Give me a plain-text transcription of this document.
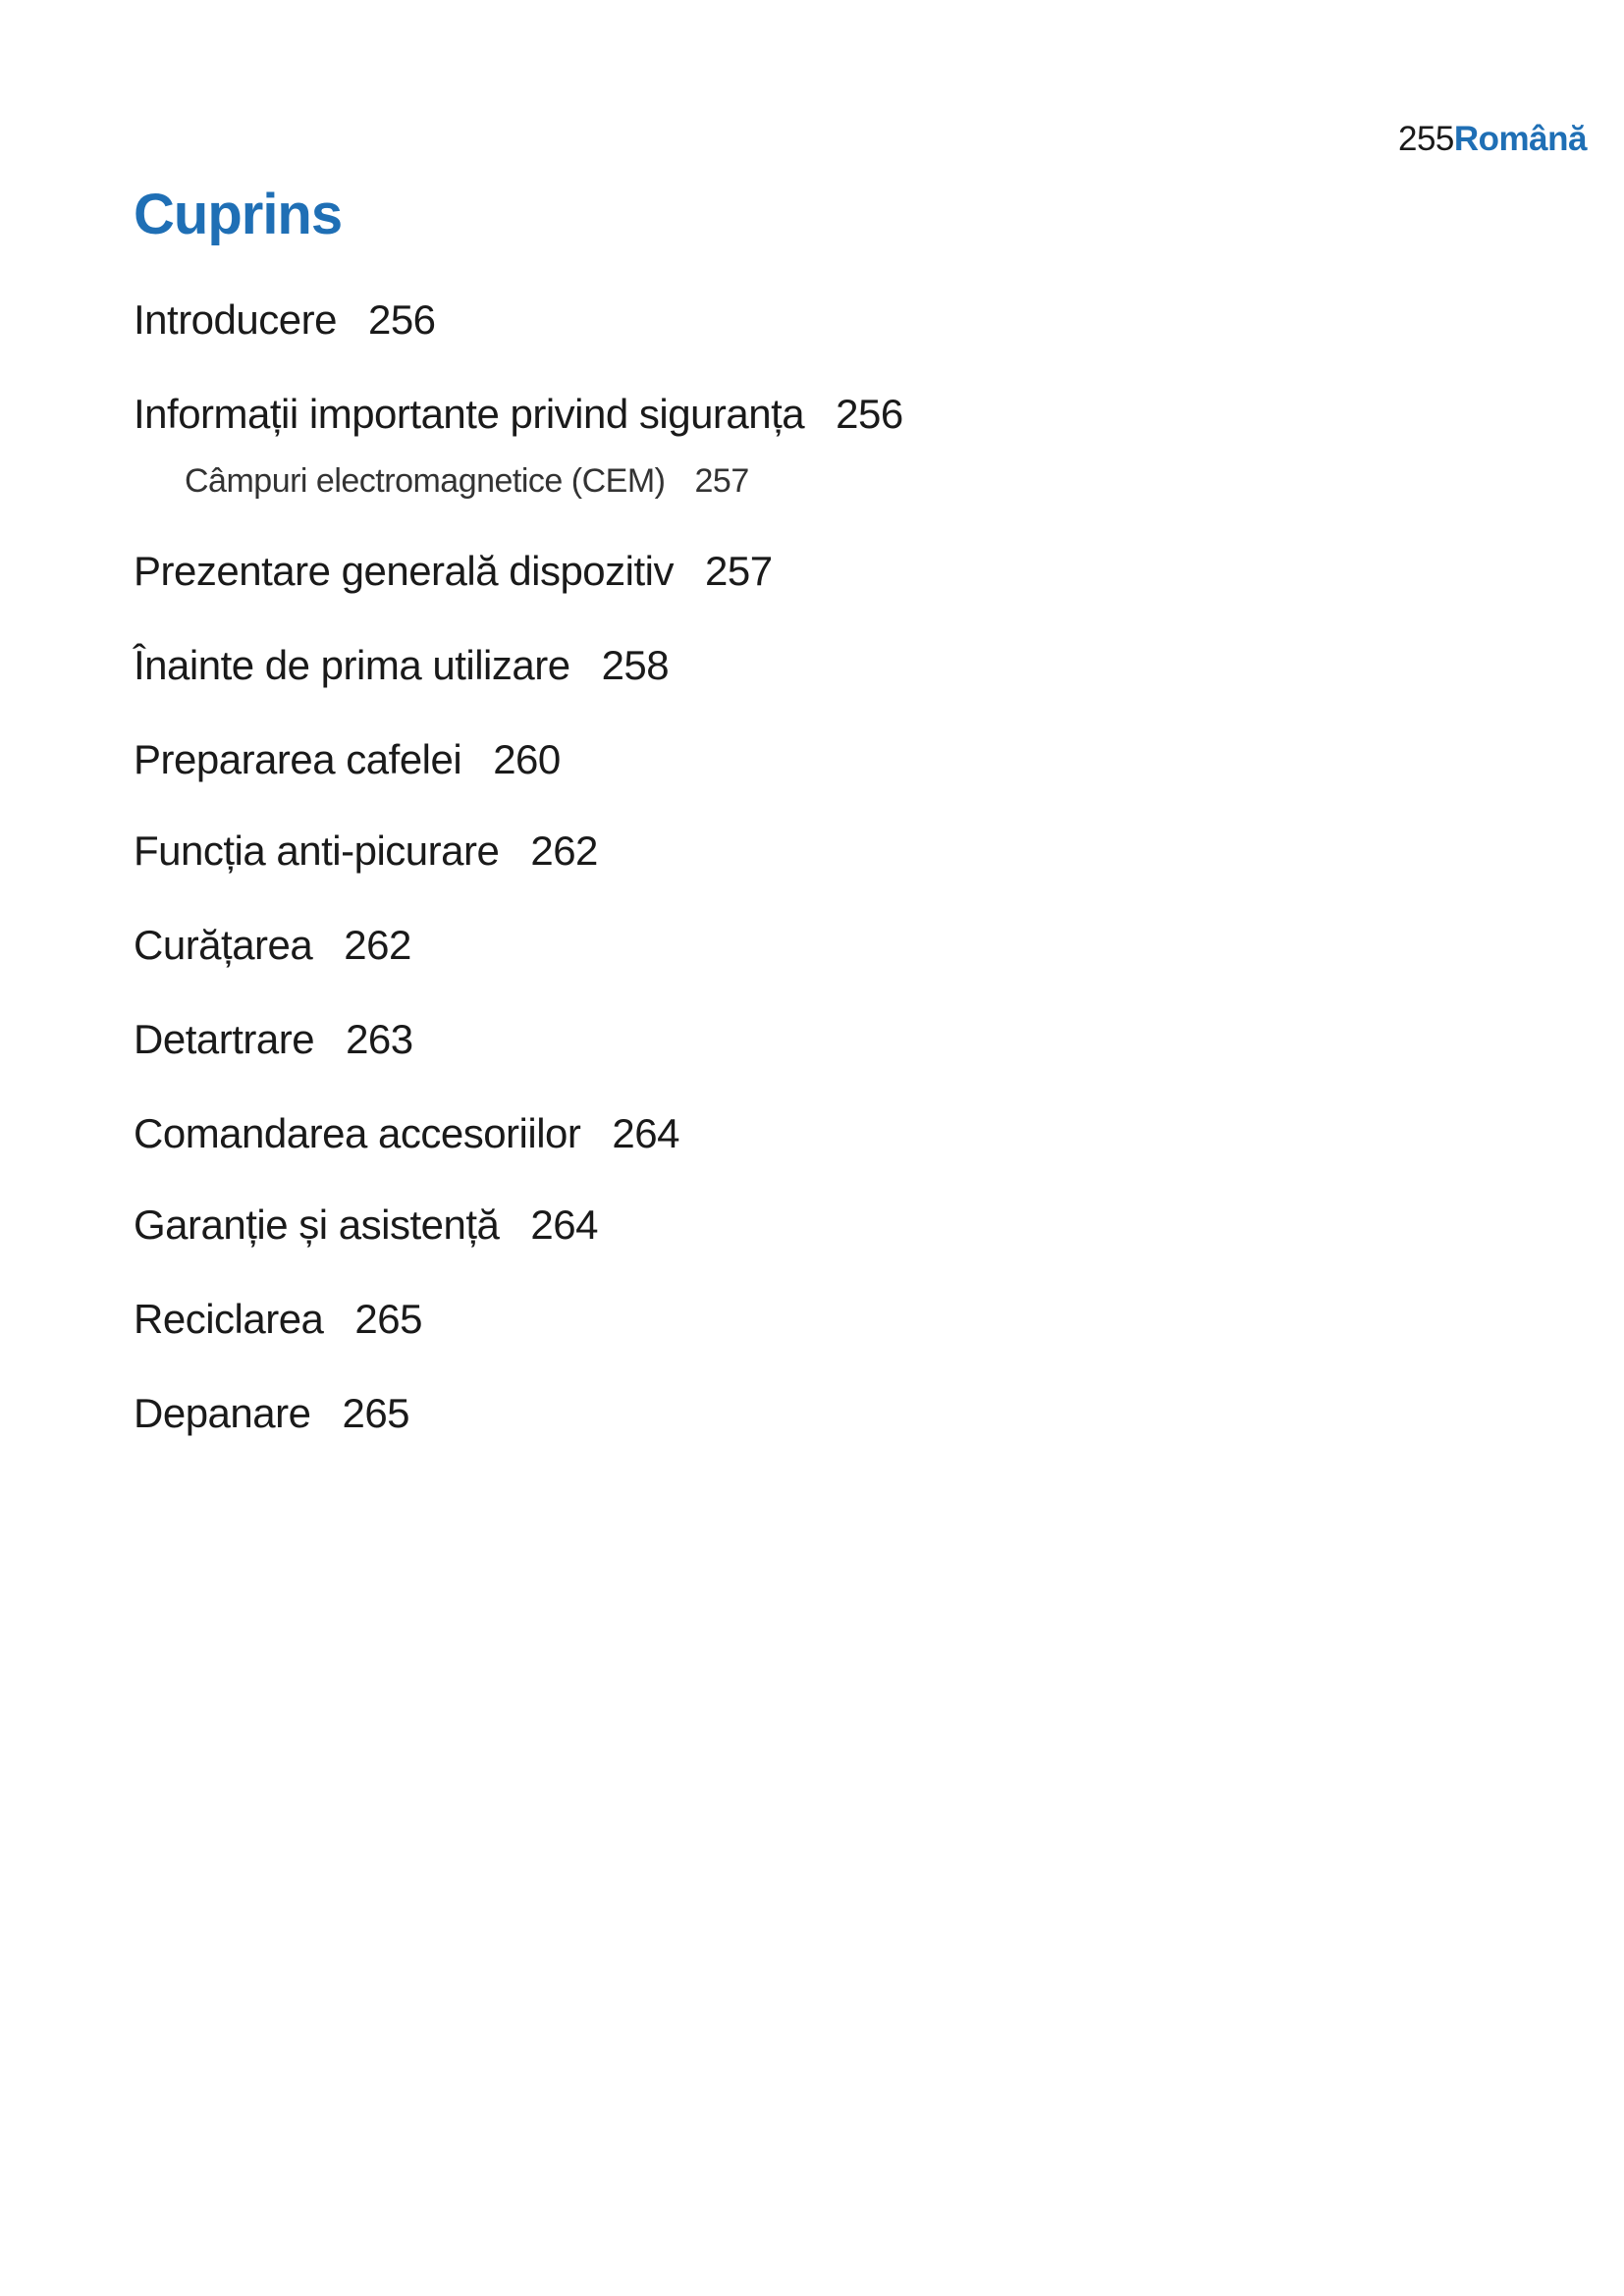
255Română
Cuprins
Introducere 256
Informații importante privind siguranța 256
Câmpuri electromagnetice (CEM) 257
Prezentare generală dispozitiv 257
Înainte de prima utilizare 258
Prepararea cafelei 260
Funcția anti-picurare 262
Curățarea 262
Detartrare 263
Comandarea accesoriilor 264
Garanție și asistență 264
Reciclarea 265
Depanare 265
